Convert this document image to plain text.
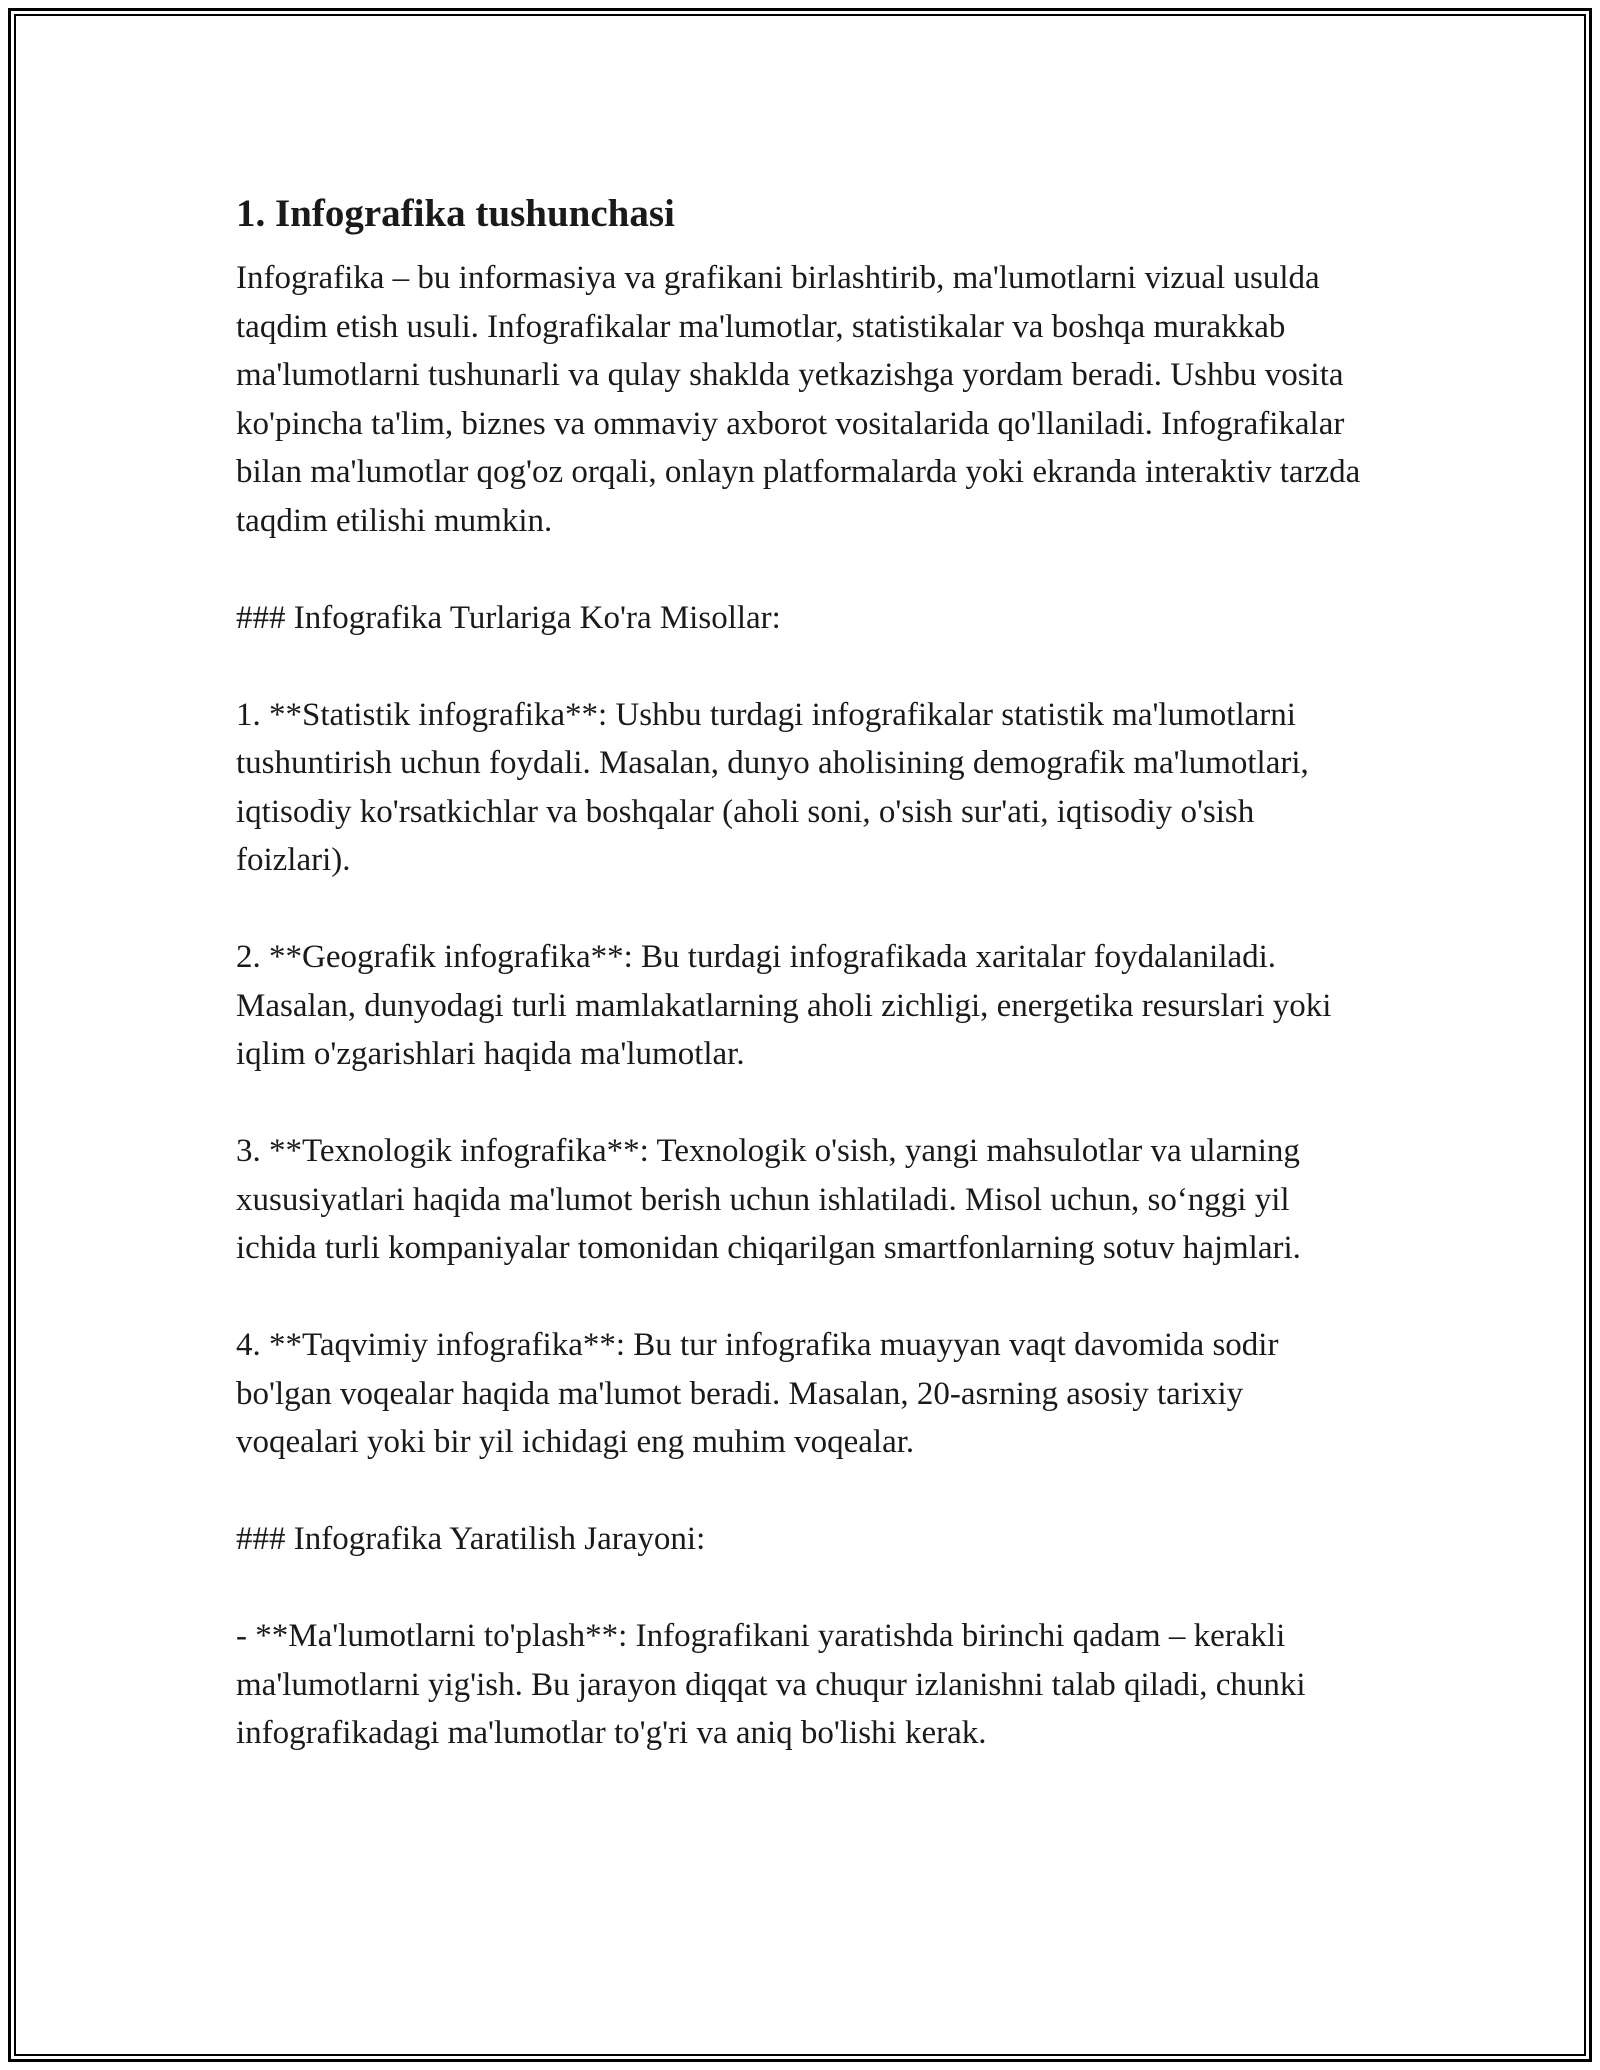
1. Infografika tushunchasi

Infografika – bu informasiya va grafikani birlashtirib, ma'lumotlarni vizual usulda taqdim etish usuli. Infografikalar ma'lumotlar, statistikalar va boshqa murakkab ma'lumotlarni tushunarli va qulay shaklda yetkazishga yordam beradi. Ushbu vosita ko'pincha ta'lim, biznes va ommaviy axborot vositalarida qo'llaniladi. Infografikalar bilan ma'lumotlar qog'oz orqali, onlayn platformalarda yoki ekranda interaktiv tarzda taqdim etilishi mumkin.

### Infografika Turlariga Ko'ra Misollar:

1. **Statistik infografika**: Ushbu turdagi infografikalar statistik ma'lumotlarni tushuntirish uchun foydali. Masalan, dunyo aholisining demografik ma'lumotlari, iqtisodiy ko'rsatkichlar va boshqalar (aholi soni, o'sish sur'ati, iqtisodiy o'sish foizlari).

2. **Geografik infografika**: Bu turdagi infografikada xaritalar foydalaniladi. Masalan, dunyodagi turli mamlakatlarning aholi zichligi, energetika resurslari yoki iqlim o'zgarishlari haqida ma'lumotlar.

3. **Texnologik infografika**: Texnologik o'sish, yangi mahsulotlar va ularning xususiyatlari haqida ma'lumot berish uchun ishlatiladi. Misol uchun, so‘nggi yil ichida turli kompaniyalar tomonidan chiqarilgan smartfonlarning sotuv hajmlari.

4. **Taqvimiy infografika**: Bu tur infografika muayyan vaqt davomida sodir bo'lgan voqealar haqida ma'lumot beradi. Masalan, 20-asrning asosiy tarixiy voqealari yoki bir yil ichidagi eng muhim voqealar.

### Infografika Yaratilish Jarayoni:

- **Ma'lumotlarni to'plash**: Infografikani yaratishda birinchi qadam – kerakli ma'lumotlarni yig'ish. Bu jarayon diqqat va chuqur izlanishni talab qiladi, chunki infografikadagi ma'lumotlar to'g'ri va aniq bo'lishi kerak.
